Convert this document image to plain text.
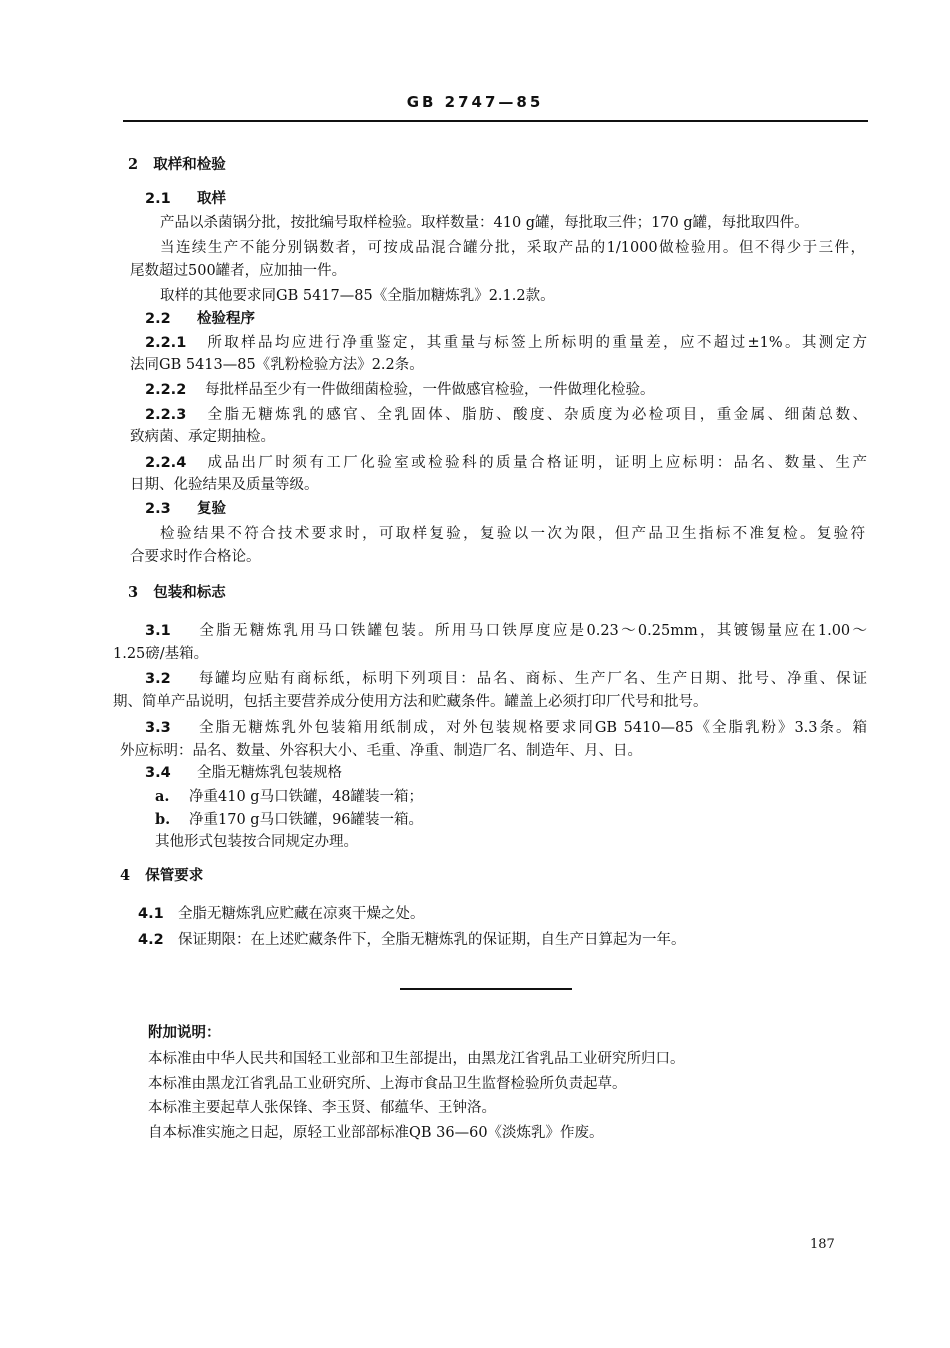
GB 2747—85
2 取样和检验
2.1 取样
产品以杀菌锅分批，按批编号取样检验。取样数量：410 g罐，每批取三件；170 g罐，每批取四件。
当连续生产不能分别锅数者，可按成品混合罐分批，采取产品的1/1000做检验用。但不得少于三件，
尾数超过500罐者，应加抽一件。
取样的其他要求同GB 5417—85《全脂加糖炼乳》2.1.2款。
2.2 检验程序
2.2.1 所取样品均应进行净重鉴定，其重量与标签上所标明的重量差，应不超过±1%。其测定方
法同GB 5413—85《乳粉检验方法》2.2条。
2.2.2 每批样品至少有一件做细菌检验，一件做感官检验，一件做理化检验。
2.2.3 全脂无糖炼乳的感官、全乳固体、脂肪、酸度、杂质度为必检项目，重金属、细菌总数、
致病菌、承定期抽检。
2.2.4 成品出厂时须有工厂化验室或检验科的质量合格证明，证明上应标明：品名、数量、生产
日期、化验结果及质量等级。
2.3 复验
检验结果不符合技术要求时，可取样复验，复验以一次为限，但产品卫生指标不准复检。复验符
合要求时作合格论。
3 包装和标志
3.1 全脂无糖炼乳用马口铁罐包装。所用马口铁厚度应是0.23～0.25mm，其镀锡量应在1.00～
1.25磅/基箱。
3.2 每罐均应贴有商标纸，标明下列项目：品名、商标、生产厂名、生产日期、批号、净重、保证
期、简单产品说明，包括主要营养成分使用方法和贮藏条件。罐盖上必须打印厂代号和批号。
3.3 全脂无糖炼乳外包装箱用纸制成，对外包装规格要求同GB 5410—85《全脂乳粉》3.3条。箱
外应标明：品名、数量、外容积大小、毛重、净重、制造厂名、制造年、月、日。
3.4 全脂无糖炼乳包装规格
a. 净重410 g马口铁罐，48罐装一箱；
b. 净重170 g马口铁罐，96罐装一箱。
其他形式包装按合同规定办理。
4 保管要求
4.1 全脂无糖炼乳应贮藏在凉爽干燥之处。
4.2 保证期限：在上述贮藏条件下，全脂无糖炼乳的保证期，自生产日算起为一年。
附加说明：
本标准由中华人民共和国轻工业部和卫生部提出，由黑龙江省乳品工业研究所归口。
本标准由黑龙江省乳品工业研究所、上海市食品卫生监督检验所负责起草。
本标准主要起草人张保锋、李玉贤、郁蕴华、王钟洛。
自本标准实施之日起，原轻工业部部标准QB 36—60《淡炼乳》作废。
187
